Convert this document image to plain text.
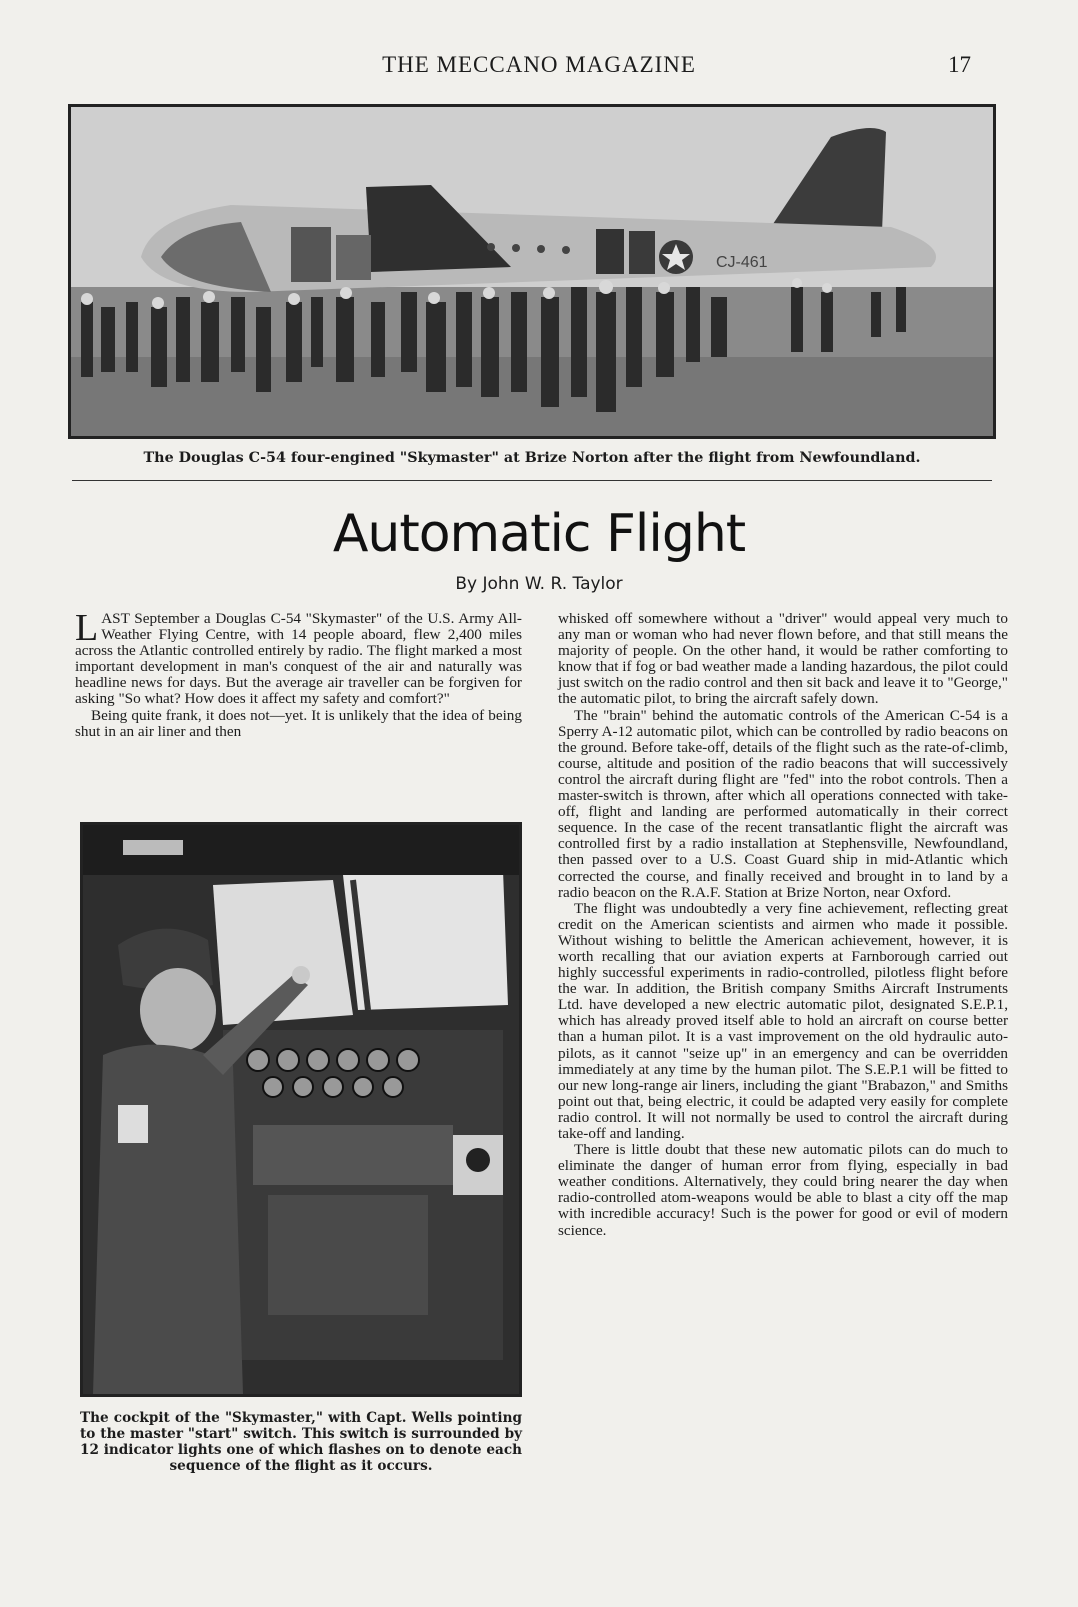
THE MECCANO MAGAZINE	17
CJ-461
The Douglas C-54 four-engined "Skymaster" at Brize Norton after the flight from Newfoundland.
Automatic Flight
By John W. R. Taylor

LAST September a Douglas C-54 "Skymaster" of the U.S. Army All-Weather Flying Centre, with 14 people aboard, flew 2,400 miles across the Atlantic controlled entirely by radio. The flight marked a most important development in man's conquest of the air and naturally was headline news for days. But the average air traveller can be forgiven for asking "So what? How does it affect my safety and comfort?"

Being quite frank, it does not—yet. It is unlikely that the idea of being shut in an air liner and then

The cockpit of the "Skymaster," with Capt. Wells pointing to the master "start" switch. This switch is surrounded by 12 indicator lights one of which flashes on to denote each sequence of the flight as it occurs.

whisked off somewhere without a "driver" would appeal very much to any man or woman who had never flown before, and that still means the majority of people. On the other hand, it would be rather comforting to know that if fog or bad weather made a landing hazardous, the pilot could just switch on the radio control and then sit back and leave it to "George," the automatic pilot, to bring the aircraft safely down.

The "brain" behind the automatic controls of the American C-54 is a Sperry A-12 automatic pilot, which can be controlled by radio beacons on the ground. Before take-off, details of the flight such as the rate-of-climb, course, altitude and position of the radio beacons that will successively control the aircraft during flight are "fed" into the robot controls. Then a master-switch is thrown, after which all operations connected with take-off, flight and landing are performed automatically in their correct sequence. In the case of the recent transatlantic flight the aircraft was controlled first by a radio installation at Stephensville, Newfoundland, then passed over to a U.S. Coast Guard ship in mid-Atlantic which corrected the course, and finally received and brought in to land by a radio beacon on the R.A.F. Station at Brize Norton, near Oxford.

The flight was undoubtedly a very fine achievement, reflecting great credit on the American scientists and airmen who made it possible. Without wishing to belittle the American achievement, however, it is worth recalling that our aviation experts at Farnborough carried out highly successful experiments in radio-controlled, pilotless flight before the war. In addition, the British company Smiths Aircraft Instruments Ltd. have developed a new electric automatic pilot, designated S.E.P.1, which has already proved itself able to hold an aircraft on course better than a human pilot. It is a vast improvement on the old hydraulic auto-pilots, as it cannot "seize up" in an emergency and can be overridden immediately at any time by the human pilot. The S.E.P.1 will be fitted to our new long-range air liners, including the giant "Brabazon," and Smiths point out that, being electric, it could be adapted very easily for complete radio control. It will not normally be used to control the aircraft during take-off and landing.

There is little doubt that these new automatic pilots can do much to eliminate the danger of human error from flying, especially in bad weather conditions. Alternatively, they could bring nearer the day when radio-controlled atom-weapons would be able to blast a city off the map with incredible accuracy! Such is the power for good or evil of modern science.
